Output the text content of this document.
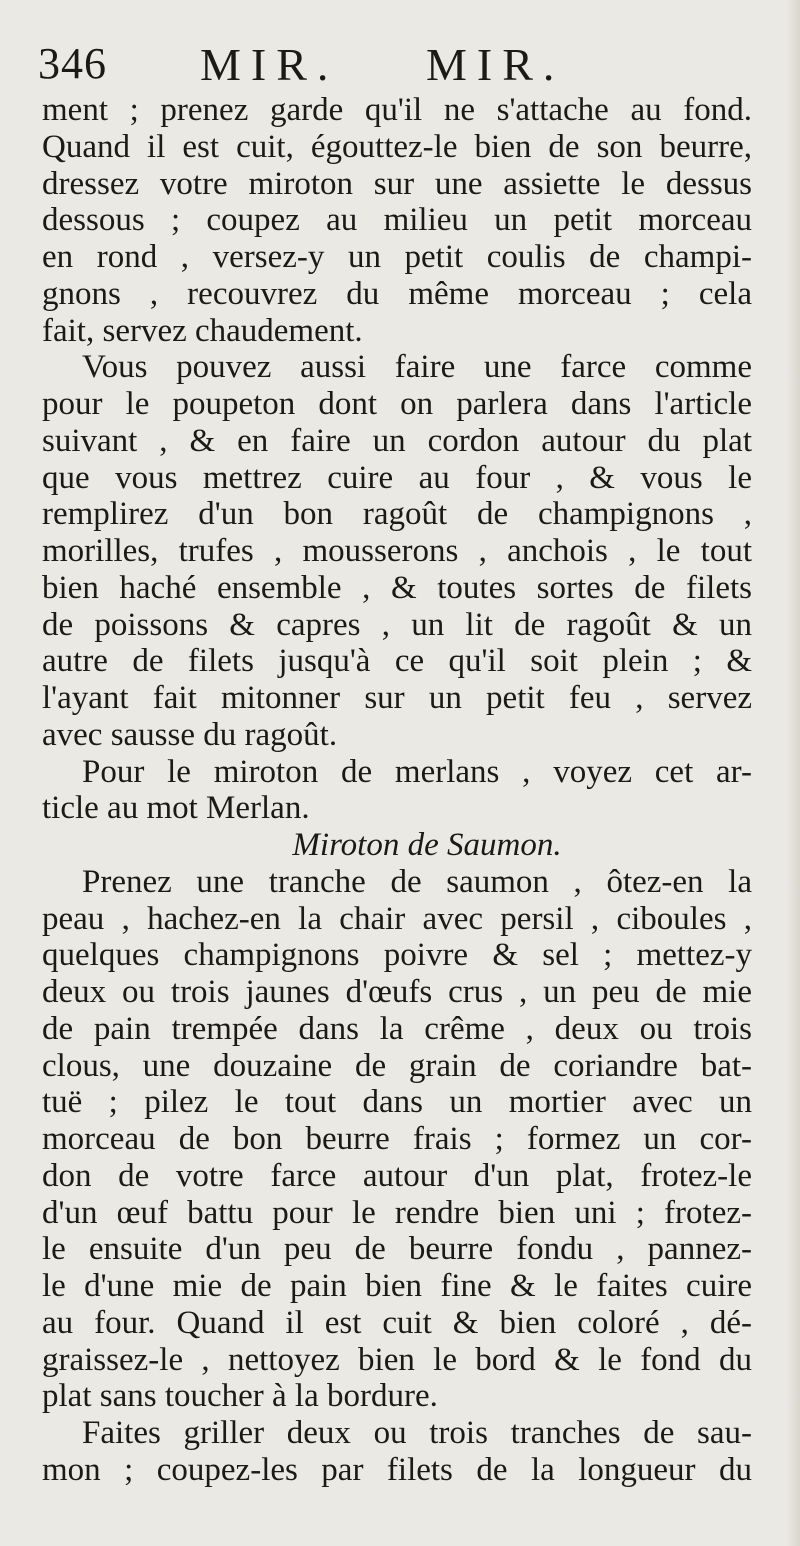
346 MIR. MIR.
ment ; prenez garde qu'il ne s'attache au fond.
Quand il est cuit, égouttez-le bien de son beurre,
dressez votre miroton sur une assiette le dessus
dessous ; coupez au milieu un petit morceau
en rond , versez-y un petit coulis de champi-
gnons , recouvrez du même morceau ; cela
fait, servez chaudement.
Vous pouvez aussi faire une farce comme
pour le poupeton dont on parlera dans l'article
suivant , & en faire un cordon autour du plat
que vous mettrez cuire au four , & vous le
remplirez d'un bon ragoût de champignons ,
morilles, trufes , mousserons , anchois , le tout
bien haché ensemble , & toutes sortes de filets
de poissons & capres , un lit de ragoût & un
autre de filets jusqu'à ce qu'il soit plein ; &
l'ayant fait mitonner sur un petit feu , servez
avec sausse du ragoût.
Pour le miroton de merlans , voyez cet ar-
ticle au mot Merlan.
Miroton de Saumon.
Prenez une tranche de saumon , ôtez-en la
peau , hachez-en la chair avec persil , ciboules ,
quelques champignons poivre & sel ; mettez-y
deux ou trois jaunes d'œufs crus , un peu de mie
de pain trempée dans la crême , deux ou trois
clous, une douzaine de grain de coriandre bat-
tuë ; pilez le tout dans un mortier avec un
morceau de bon beurre frais ; formez un cor-
don de votre farce autour d'un plat, frotez-le
d'un œuf battu pour le rendre bien uni ; frotez-
le ensuite d'un peu de beurre fondu , pannez-
le d'une mie de pain bien fine & le faites cuire
au four. Quand il est cuit & bien coloré , dé-
graissez-le , nettoyez bien le bord & le fond du
plat sans toucher à la bordure.
Faites griller deux ou trois tranches de sau-
mon ; coupez-les par filets de la longueur du
